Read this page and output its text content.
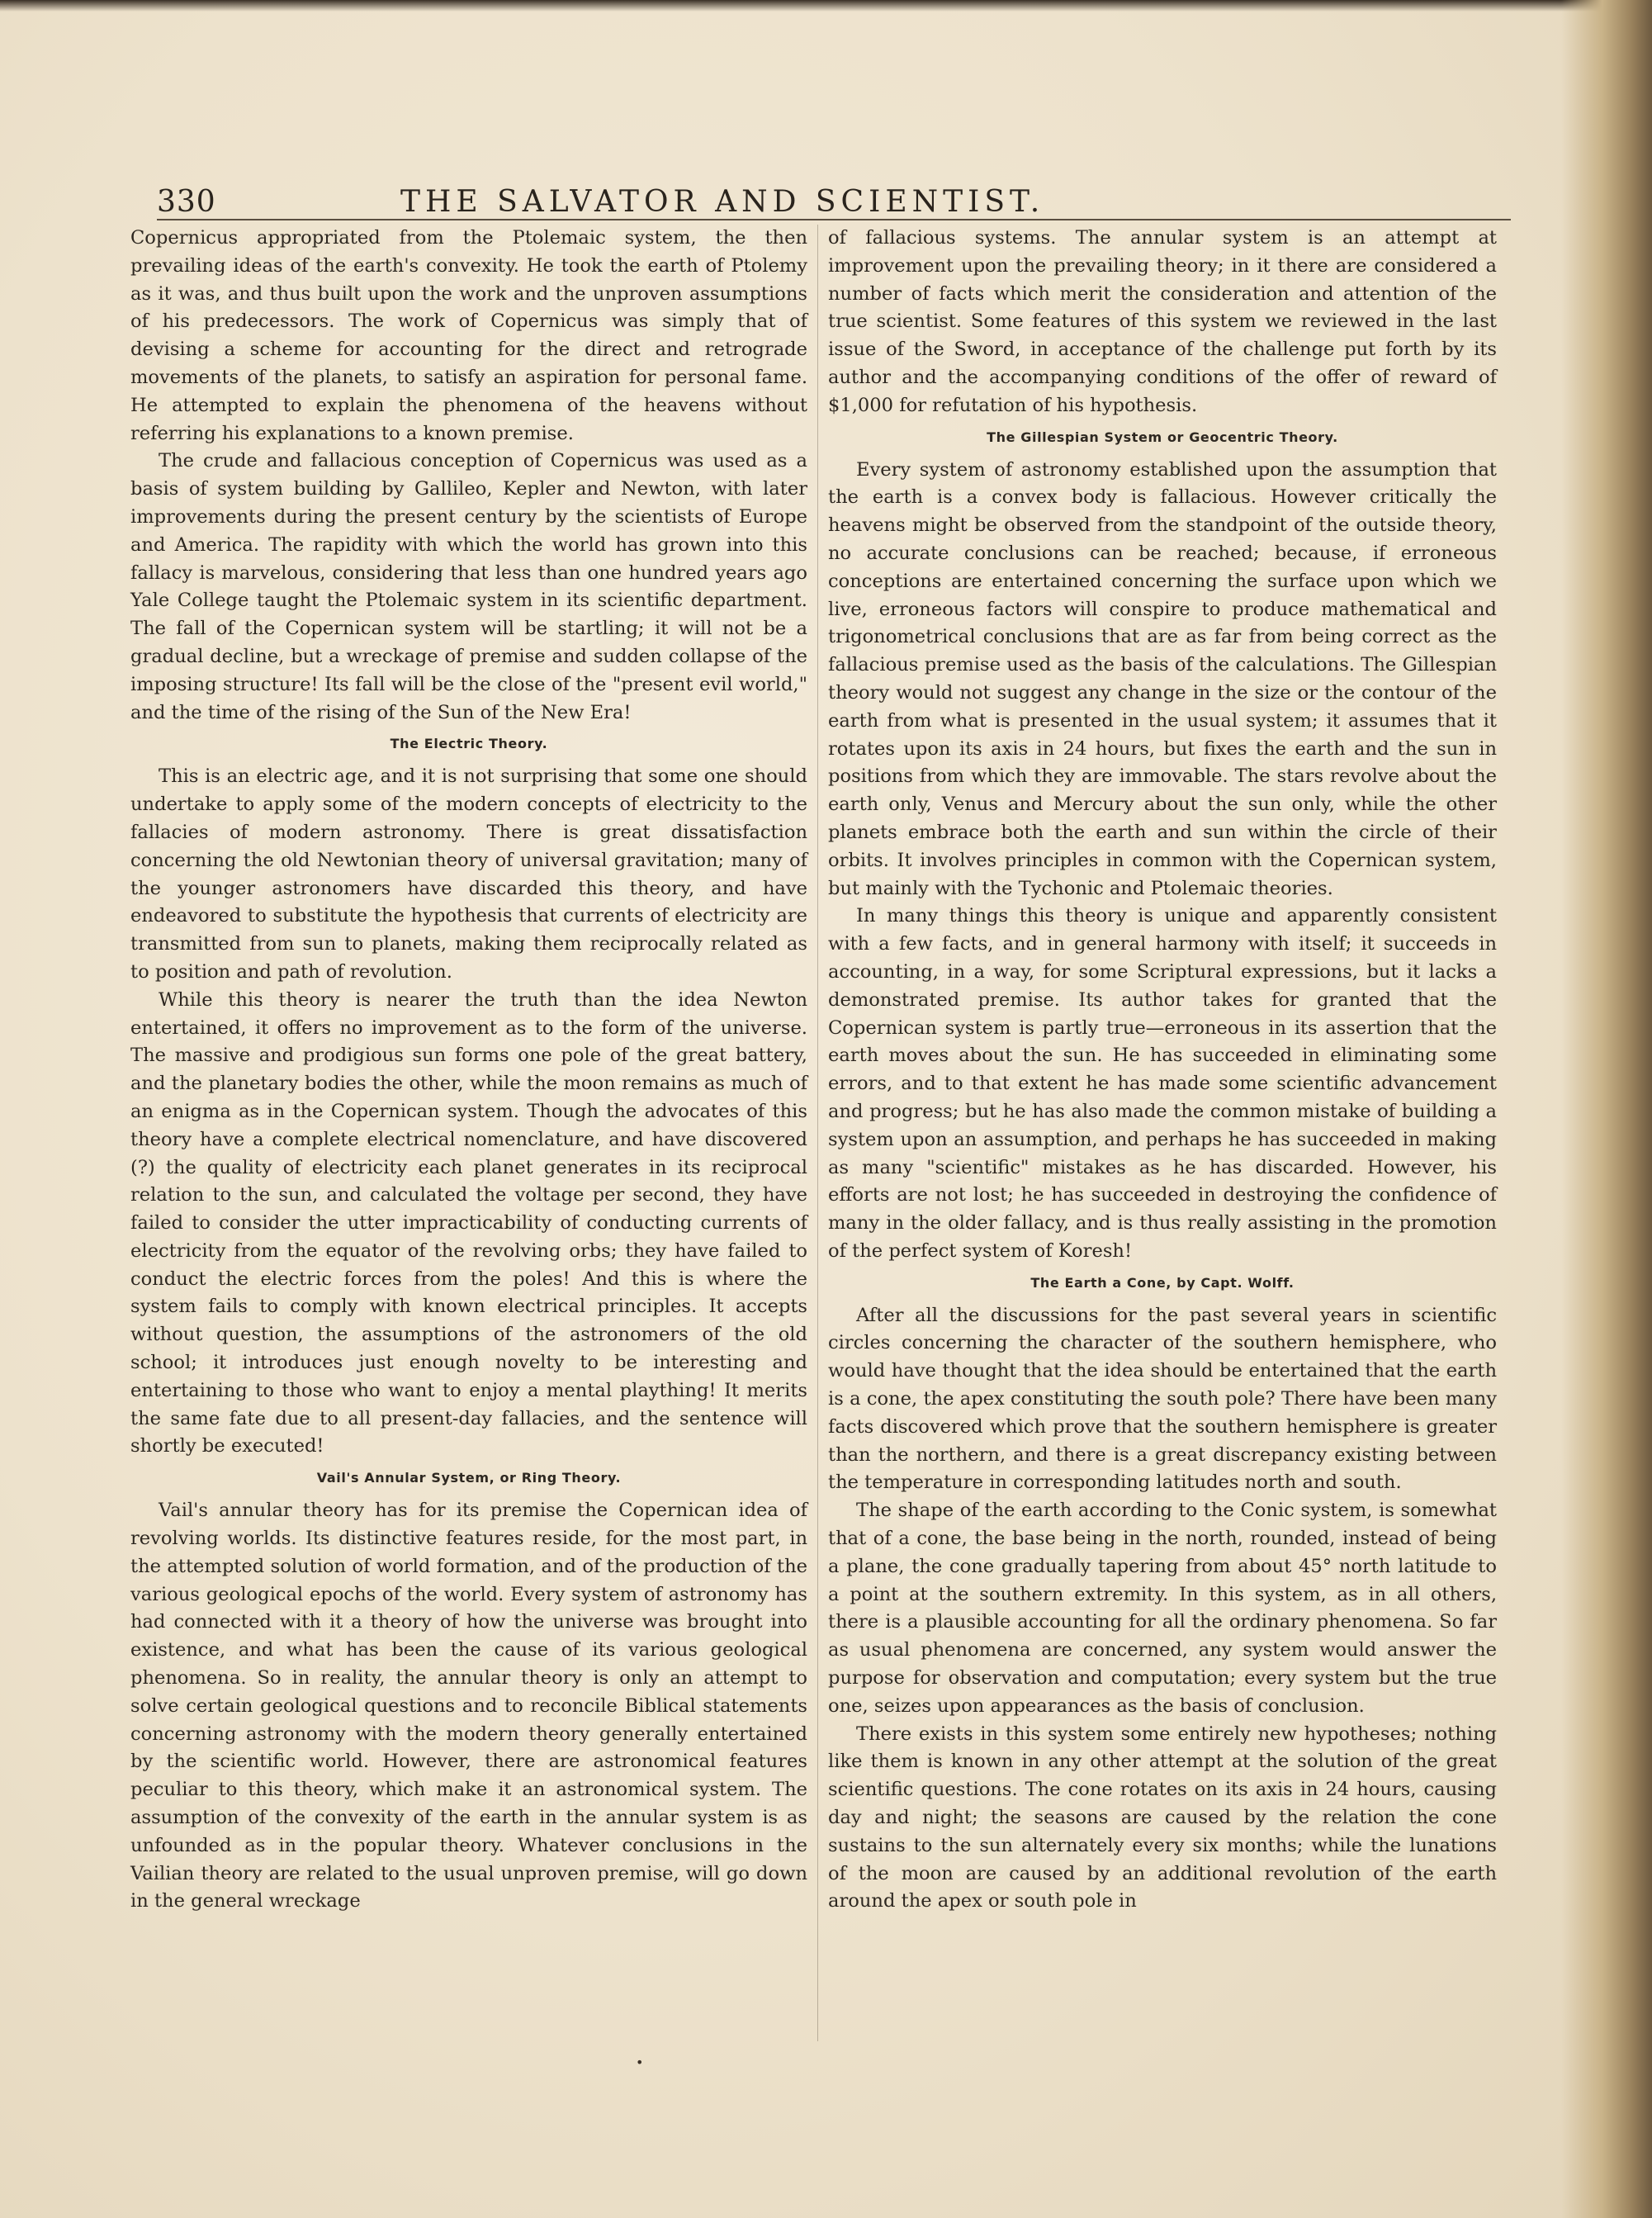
330	THE SALVATOR AND SCIENTIST.

Copernicus appropriated from the Ptolemaic system, the then prevailing ideas of the earth's convexity. He took the earth of Ptolemy as it was, and thus built upon the work and the unproven assumptions of his predecessors. The work of Copernicus was simply that of devising a scheme for accounting for the direct and retrograde movements of the planets, to satisfy an aspiration for personal fame. He attempted to explain the phenomena of the heavens without referring his explanations to a known premise.

The crude and fallacious conception of Copernicus was used as a basis of system building by Gallileo, Kepler and Newton, with later improvements during the present century by the scientists of Europe and America. The rapidity with which the world has grown into this fallacy is marvelous, considering that less than one hundred years ago Yale College taught the Ptolemaic system in its scientific department. The fall of the Copernican system will be startling; it will not be a gradual decline, but a wreckage of premise and sudden collapse of the imposing structure! Its fall will be the close of the "present evil world," and the time of the rising of the Sun of the New Era!

The Electric Theory.

This is an electric age, and it is not surprising that some one should undertake to apply some of the modern concepts of electricity to the fallacies of modern astronomy. There is great dissatisfaction concerning the old Newtonian theory of universal gravitation; many of the younger astronomers have discarded this theory, and have endeavored to substitute the hypothesis that currents of electricity are transmitted from sun to planets, making them reciprocally related as to position and path of revolution.

While this theory is nearer the truth than the idea Newton entertained, it offers no improvement as to the form of the universe. The massive and prodigious sun forms one pole of the great battery, and the planetary bodies the other, while the moon remains as much of an enigma as in the Copernican system. Though the advocates of this theory have a complete electrical nomenclature, and have discovered (?) the quality of electricity each planet generates in its reciprocal relation to the sun, and calculated the voltage per second, they have failed to consider the utter impracticability of conducting currents of electricity from the equator of the revolving orbs; they have failed to conduct the electric forces from the poles! And this is where the system fails to comply with known electrical principles. It accepts without question, the assumptions of the astronomers of the old school; it introduces just enough novelty to be interesting and entertaining to those who want to enjoy a mental plaything! It merits the same fate due to all present-day fallacies, and the sentence will shortly be executed!

Vail's Annular System, or Ring Theory.

Vail's annular theory has for its premise the Copernican idea of revolving worlds. Its distinctive features reside, for the most part, in the attempted solution of world formation, and of the production of the various geological epochs of the world. Every system of astronomy has had connected with it a theory of how the universe was brought into existence, and what has been the cause of its various geological phenomena. So in reality, the annular theory is only an attempt to solve certain geological questions and to reconcile Biblical statements concerning astronomy with the modern theory generally entertained by the scientific world. However, there are astronomical features peculiar to this theory, which make it an astronomical system. The assumption of the convexity of the earth in the annular system is as unfounded as in the popular theory. Whatever conclusions in the Vailian theory are related to the usual unproven premise, will go down in the general wreckage

of fallacious systems. The annular system is an attempt at improvement upon the prevailing theory; in it there are considered a number of facts which merit the consideration and attention of the true scientist. Some features of this system we reviewed in the last issue of the Sword, in acceptance of the challenge put forth by its author and the accompanying conditions of the offer of reward of $1,000 for refutation of his hypothesis.

The Gillespian System or Geocentric Theory.

Every system of astronomy established upon the assumption that the earth is a convex body is fallacious. However critically the heavens might be observed from the standpoint of the outside theory, no accurate conclusions can be reached; because, if erroneous conceptions are entertained concerning the surface upon which we live, erroneous factors will conspire to produce mathematical and trigonometrical conclusions that are as far from being correct as the fallacious premise used as the basis of the calculations. The Gillespian theory would not suggest any change in the size or the contour of the earth from what is presented in the usual system; it assumes that it rotates upon its axis in 24 hours, but fixes the earth and the sun in positions from which they are immovable. The stars revolve about the earth only, Venus and Mercury about the sun only, while the other planets embrace both the earth and sun within the circle of their orbits. It involves principles in common with the Copernican system, but mainly with the Tychonic and Ptolemaic theories.

In many things this theory is unique and apparently consistent with a few facts, and in general harmony with itself; it succeeds in accounting, in a way, for some Scriptural expressions, but it lacks a demonstrated premise. Its author takes for granted that the Copernican system is partly true—erroneous in its assertion that the earth moves about the sun. He has succeeded in eliminating some errors, and to that extent he has made some scientific advancement and progress; but he has also made the common mistake of building a system upon an assumption, and perhaps he has succeeded in making as many "scientific" mistakes as he has discarded. However, his efforts are not lost; he has succeeded in destroying the confidence of many in the older fallacy, and is thus really assisting in the promotion of the perfect system of Koresh!

The Earth a Cone, by Capt. Wolff.

After all the discussions for the past several years in scientific circles concerning the character of the southern hemisphere, who would have thought that the idea should be entertained that the earth is a cone, the apex constituting the south pole? There have been many facts discovered which prove that the southern hemisphere is greater than the northern, and there is a great discrepancy existing between the temperature in corresponding latitudes north and south.

The shape of the earth according to the Conic system, is somewhat that of a cone, the base being in the north, rounded, instead of being a plane, the cone gradually tapering from about 45° north latitude to a point at the southern extremity. In this system, as in all others, there is a plausible accounting for all the ordinary phenomena. So far as usual phenomena are concerned, any system would answer the purpose for observation and computation; every system but the true one, seizes upon appearances as the basis of conclusion.

There exists in this system some entirely new hypotheses; nothing like them is known in any other attempt at the solution of the great scientific questions. The cone rotates on its axis in 24 hours, causing day and night; the seasons are caused by the relation the cone sustains to the sun alternately every six months; while the lunations of the moon are caused by an additional revolution of the earth around the apex or south pole in

•
